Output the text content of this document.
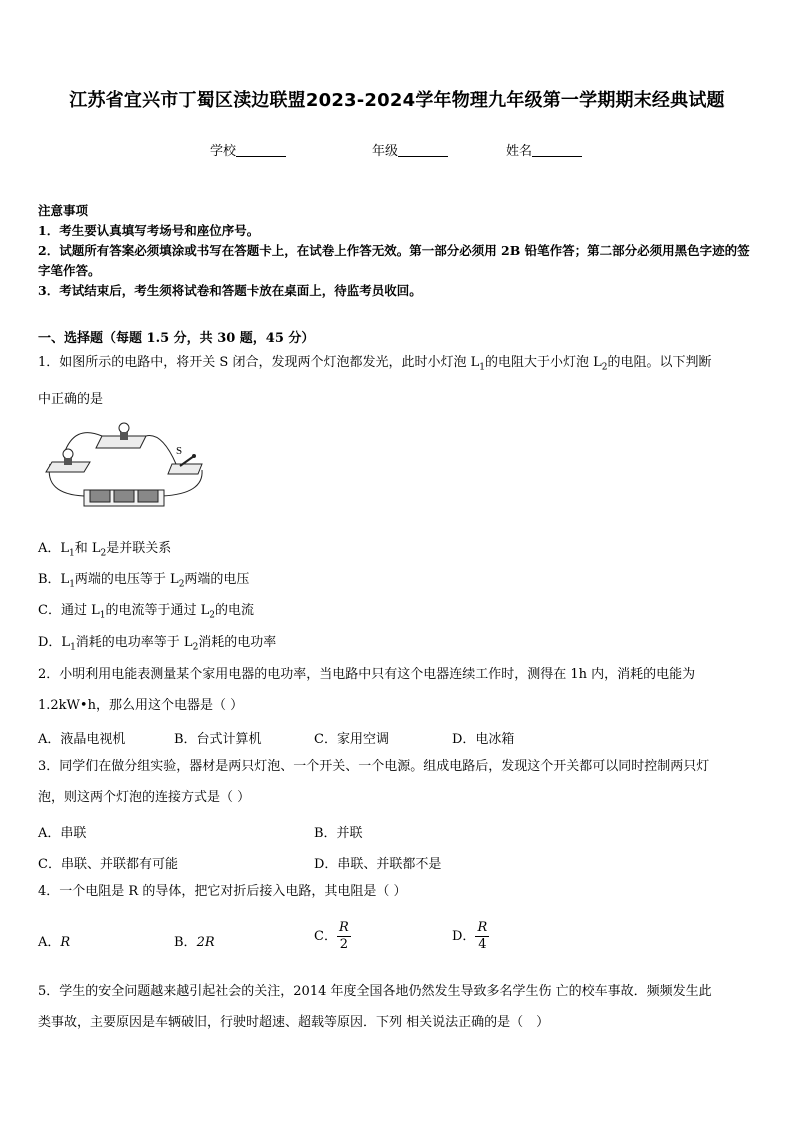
江苏省宜兴市丁蜀区渎边联盟2023-2024学年物理九年级第一学期期末经典试题
学校	年级	姓名
注意事项
1．考生要认真填写考场号和座位序号。
2．试题所有答案必须填涂或书写在答题卡上，在试卷上作答无效。第一部分必须用 2B 铅笔作答；第二部分必须用黑色字迹的签字笔作答。
3．考试结束后，考生须将试卷和答题卡放在桌面上，待监考员收回。
一、选择题（每题 1.5 分，共 30 题，45 分）
1．如图所示的电路中，将开关 S 闭合，发现两个灯泡都发光，此时小灯泡 $L_1$的电阻大于小灯泡 $L_2$的电阻。以下判断
中正确的是
S
A．$L_1$和 $L_2$是并联关系
B．$L_1$两端的电压等于 $L_2$两端的电压
C．通过 $L_1$的电流等于通过 $L_2$的电流
D．$L_1$消耗的电功率等于 $L_2$消耗的电功率
2．小明利用电能表测量某个家用电器的电功率，当电路中只有这个电器连续工作时，测得在 1h 内，消耗的电能为
1.2kW•h，那么用这个电器是（ ）
A．液晶电视机	B．台式计算机	C．家用空调	D．电冰箱
3．同学们在做分组实验，器材是两只灯泡、一个开关、一个电源。组成电路后，发现这个开关都可以同时控制两只灯
泡，则这两个灯泡的连接方式是（ ）
A．串联	B．并联
C．串联、并联都有可能	D．串联、并联都不是
4．一个电阻是 R 的导体，把它对折后接入电路，其电阻是（ ）
A．R	B．2R	C． $\frac{R}{2}$	D． $\frac{R}{4}$
5．学生的安全问题越来越引起社会的关注，2014 年度全国各地仍然发生导致多名学生伤 亡的校车事故．频频发生此
类事故，主要原因是车辆破旧，行驶时超速、超载等原因．下列 相关说法正确的是（　）
